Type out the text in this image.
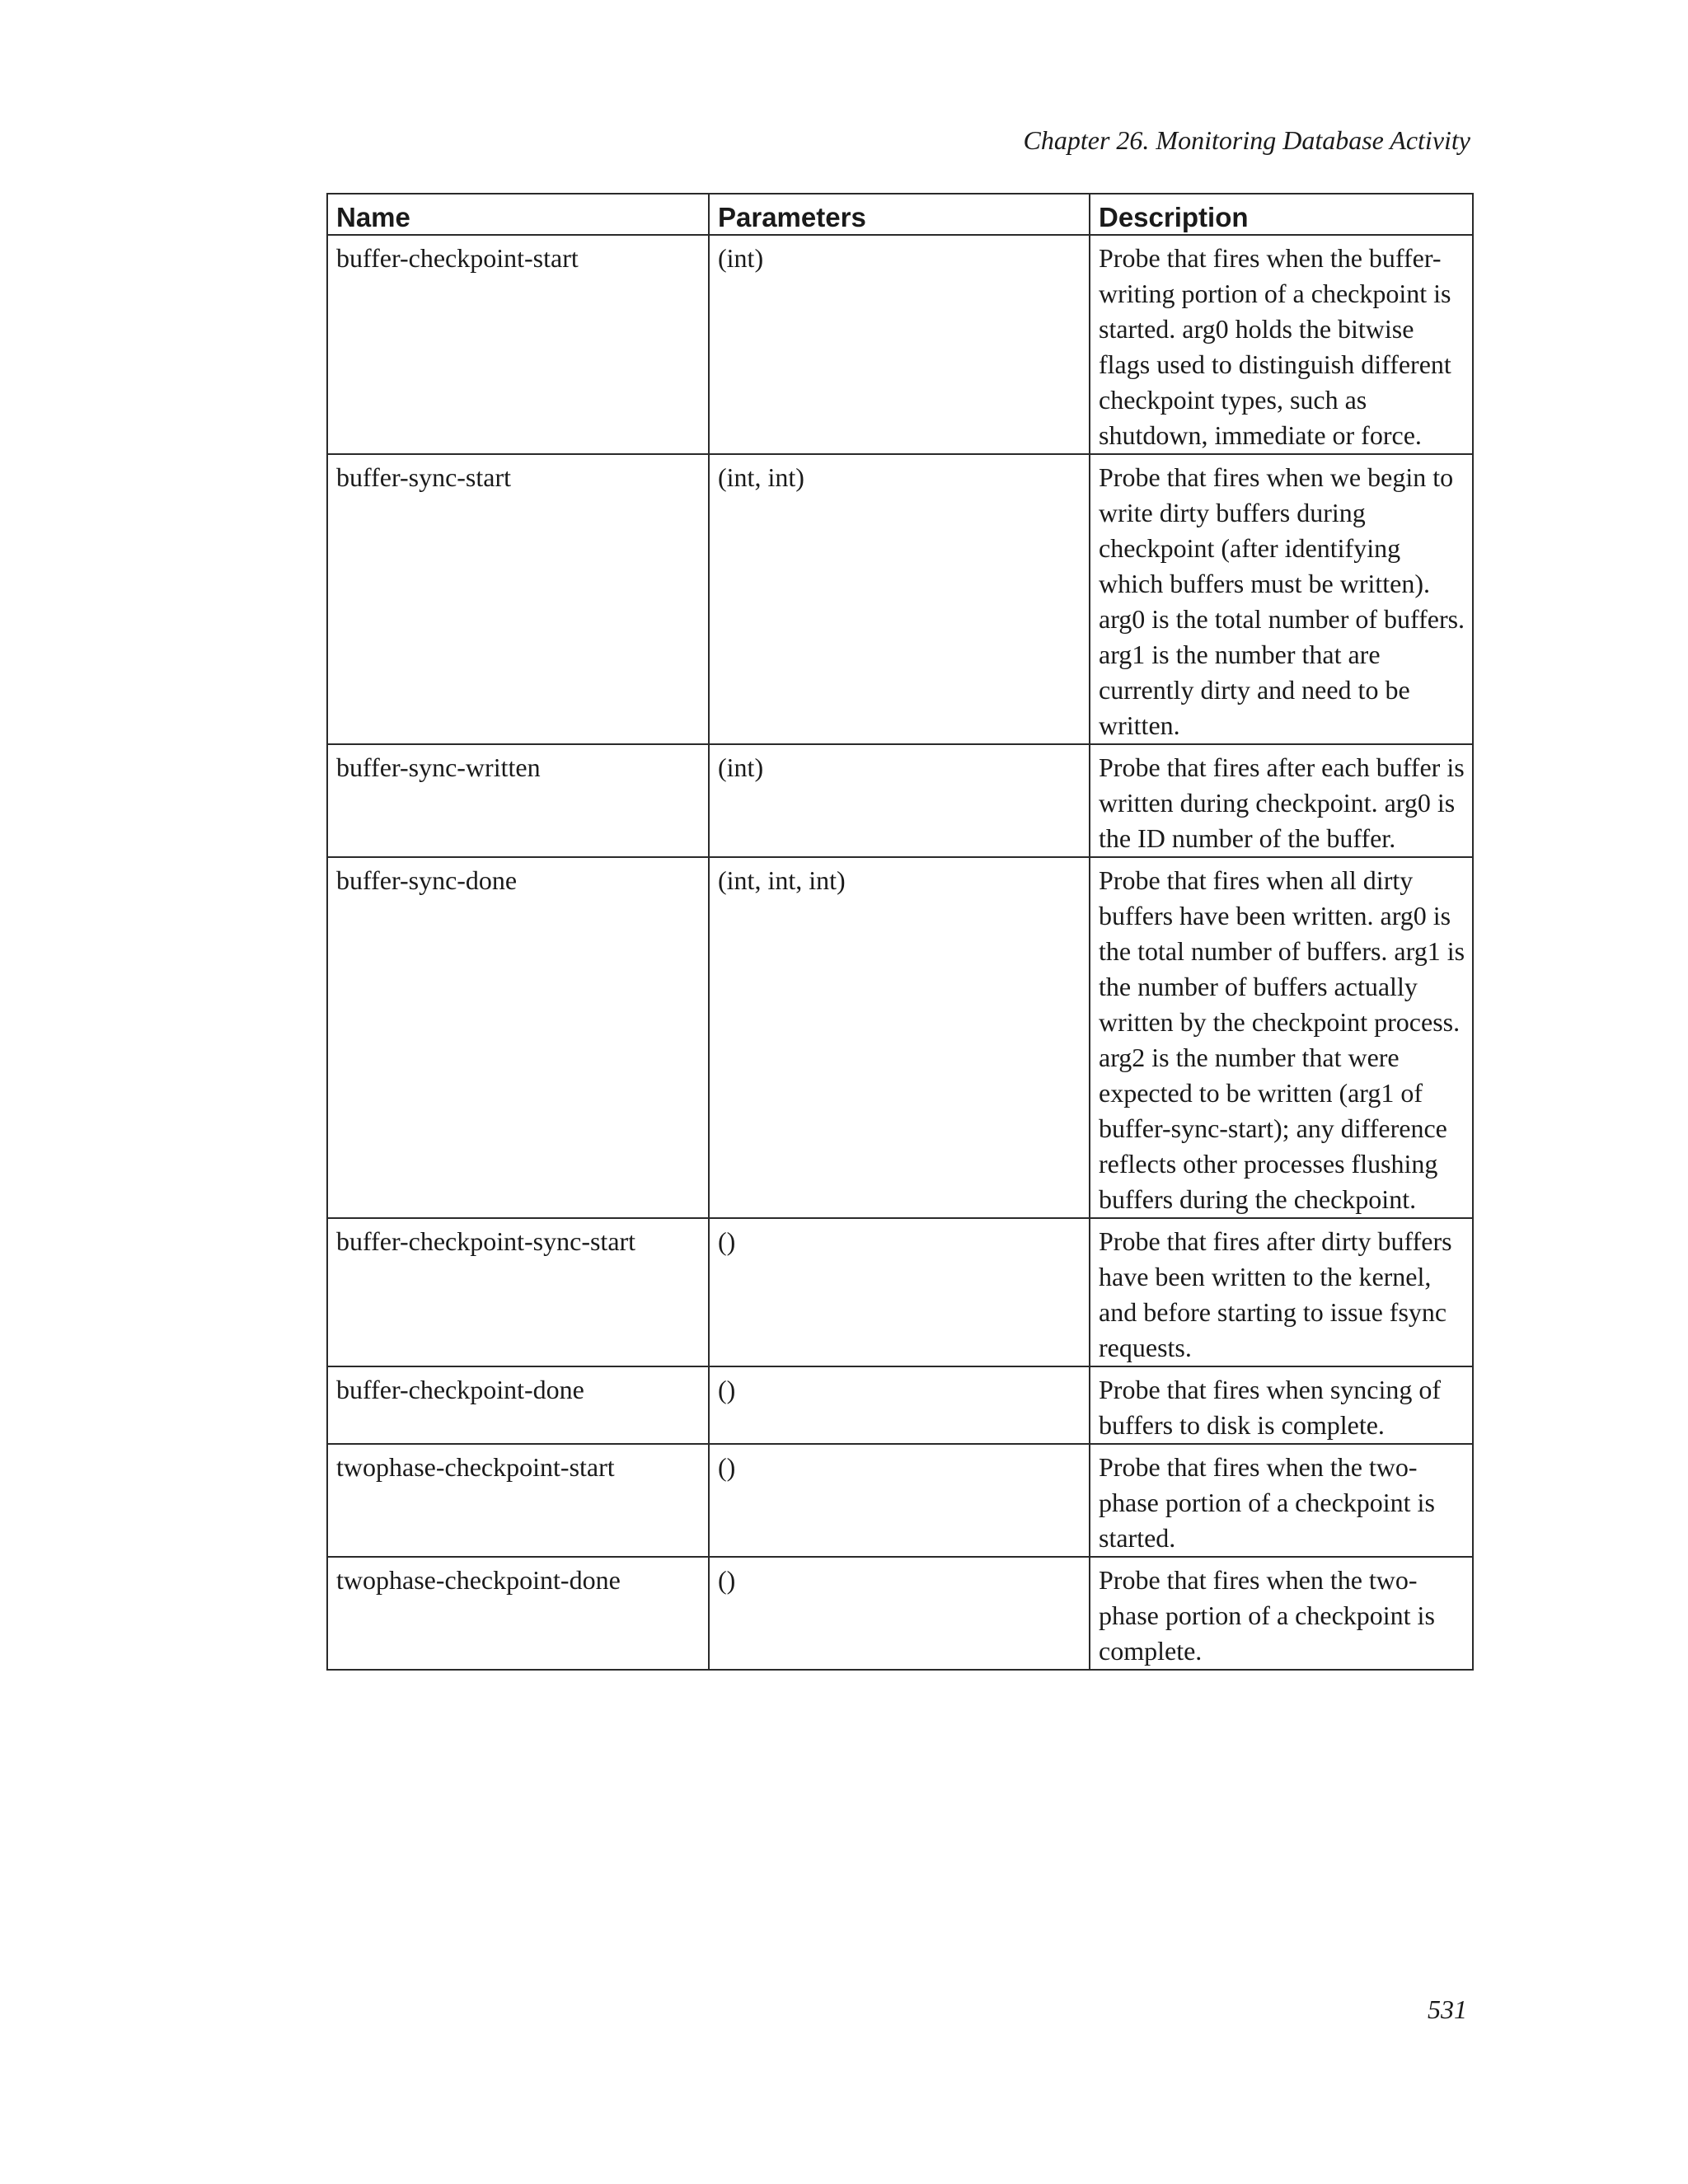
Chapter 26. Monitoring Database Activity
Name	Parameters	Description
buffer-checkpoint-start	(int)	Probe that fires when the buffer-writing portion of a checkpoint is started. arg0 holds the bitwise flags used to distinguish different checkpoint types, such as shutdown, immediate or force.
buffer-sync-start	(int, int)	Probe that fires when we begin to write dirty buffers during checkpoint (after identifying which buffers must be written). arg0 is the total number of buffers. arg1 is the number that are currently dirty and need to be written.
buffer-sync-written	(int)	Probe that fires after each buffer is written during checkpoint. arg0 is the ID number of the buffer.
buffer-sync-done	(int, int, int)	Probe that fires when all dirty buffers have been written. arg0 is the total number of buffers. arg1 is the number of buffers actually written by the checkpoint process. arg2 is the number that were expected to be written (arg1 of buffer-sync-start); any difference reflects other processes flushing buffers during the checkpoint.
buffer-checkpoint-sync-start	()	Probe that fires after dirty buffers have been written to the kernel, and before starting to issue fsync requests.
buffer-checkpoint-done	()	Probe that fires when syncing of buffers to disk is complete.
twophase-checkpoint-start	()	Probe that fires when the two-phase portion of a checkpoint is started.
twophase-checkpoint-done	()	Probe that fires when the two-phase portion of a checkpoint is complete.
531
